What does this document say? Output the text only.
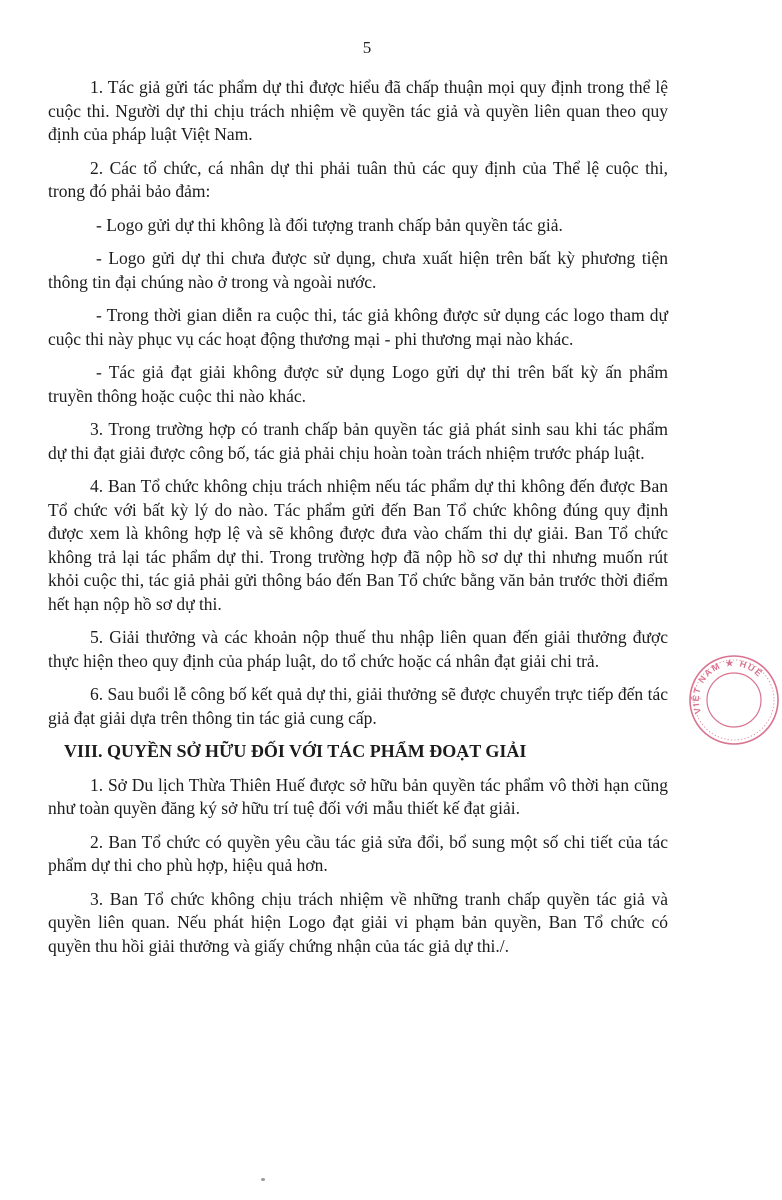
5

1. Tác giả gửi tác phẩm dự thi được hiểu đã chấp thuận mọi quy định trong thể lệ cuộc thi. Người dự thi chịu trách nhiệm về quyền tác giả và quyền liên quan theo quy định của pháp luật Việt Nam.

2. Các tổ chức, cá nhân dự thi phải tuân thủ các quy định của Thể lệ cuộc thi, trong đó phải bảo đảm:

- Logo gửi dự thi không là đối tượng tranh chấp bản quyền tác giả.

- Logo gửi dự thi chưa được sử dụng, chưa xuất hiện trên bất kỳ phương tiện thông tin đại chúng nào ở trong và ngoài nước.

- Trong thời gian diễn ra cuộc thi, tác giả không được sử dụng các logo tham dự cuộc thi này phục vụ các hoạt động thương mại - phi thương mại nào khác.

- Tác giả đạt giải không được sử dụng Logo gửi dự thi trên bất kỳ ấn phẩm truyền thông hoặc cuộc thi nào khác.

3. Trong trường hợp có tranh chấp bản quyền tác giả phát sinh sau khi tác phẩm dự thi đạt giải được công bố, tác giả phải chịu hoàn toàn trách nhiệm trước pháp luật.

4. Ban Tổ chức không chịu trách nhiệm nếu tác phẩm dự thi không đến được Ban Tổ chức với bất kỳ lý do nào. Tác phẩm gửi đến Ban Tổ chức không đúng quy định được xem là không hợp lệ và sẽ không được đưa vào chấm thi dự giải. Ban Tổ chức không trả lại tác phẩm dự thi. Trong trường hợp đã nộp hồ sơ dự thi nhưng muốn rút khỏi cuộc thi, tác giả phải gửi thông báo đến Ban Tổ chức bằng văn bản trước thời điểm hết hạn nộp hồ sơ dự thi.

5. Giải thưởng và các khoản nộp thuế thu nhập liên quan đến giải thưởng được thực hiện theo quy định của pháp luật, do tổ chức hoặc cá nhân đạt giải chi trả.

6. Sau buổi lễ công bố kết quả dự thi, giải thưởng sẽ được chuyển trực tiếp đến tác giả đạt giải dựa trên thông tin tác giả cung cấp.

VIII. QUYỀN SỞ HỮU ĐỐI VỚI TÁC PHẨM ĐOẠT GIẢI

1. Sở Du lịch Thừa Thiên Huế được sở hữu bản quyền tác phẩm vô thời hạn cũng như toàn quyền đăng ký sở hữu trí tuệ đối với mẫu thiết kế đạt giải.

2. Ban Tổ chức có quyền yêu cầu tác giả sửa đổi, bổ sung một số chi tiết của tác phẩm dự thi cho phù hợp, hiệu quả hơn.

3. Ban Tổ chức không chịu trách nhiệm về những tranh chấp quyền tác giả và quyền liên quan. Nếu phát hiện Logo đạt giải vi phạm bản quyền, Ban Tổ chức có quyền thu hồi giải thưởng và giấy chứng nhận của tác giả dự thi./.

VIỆT NAM ★ HUẾ
